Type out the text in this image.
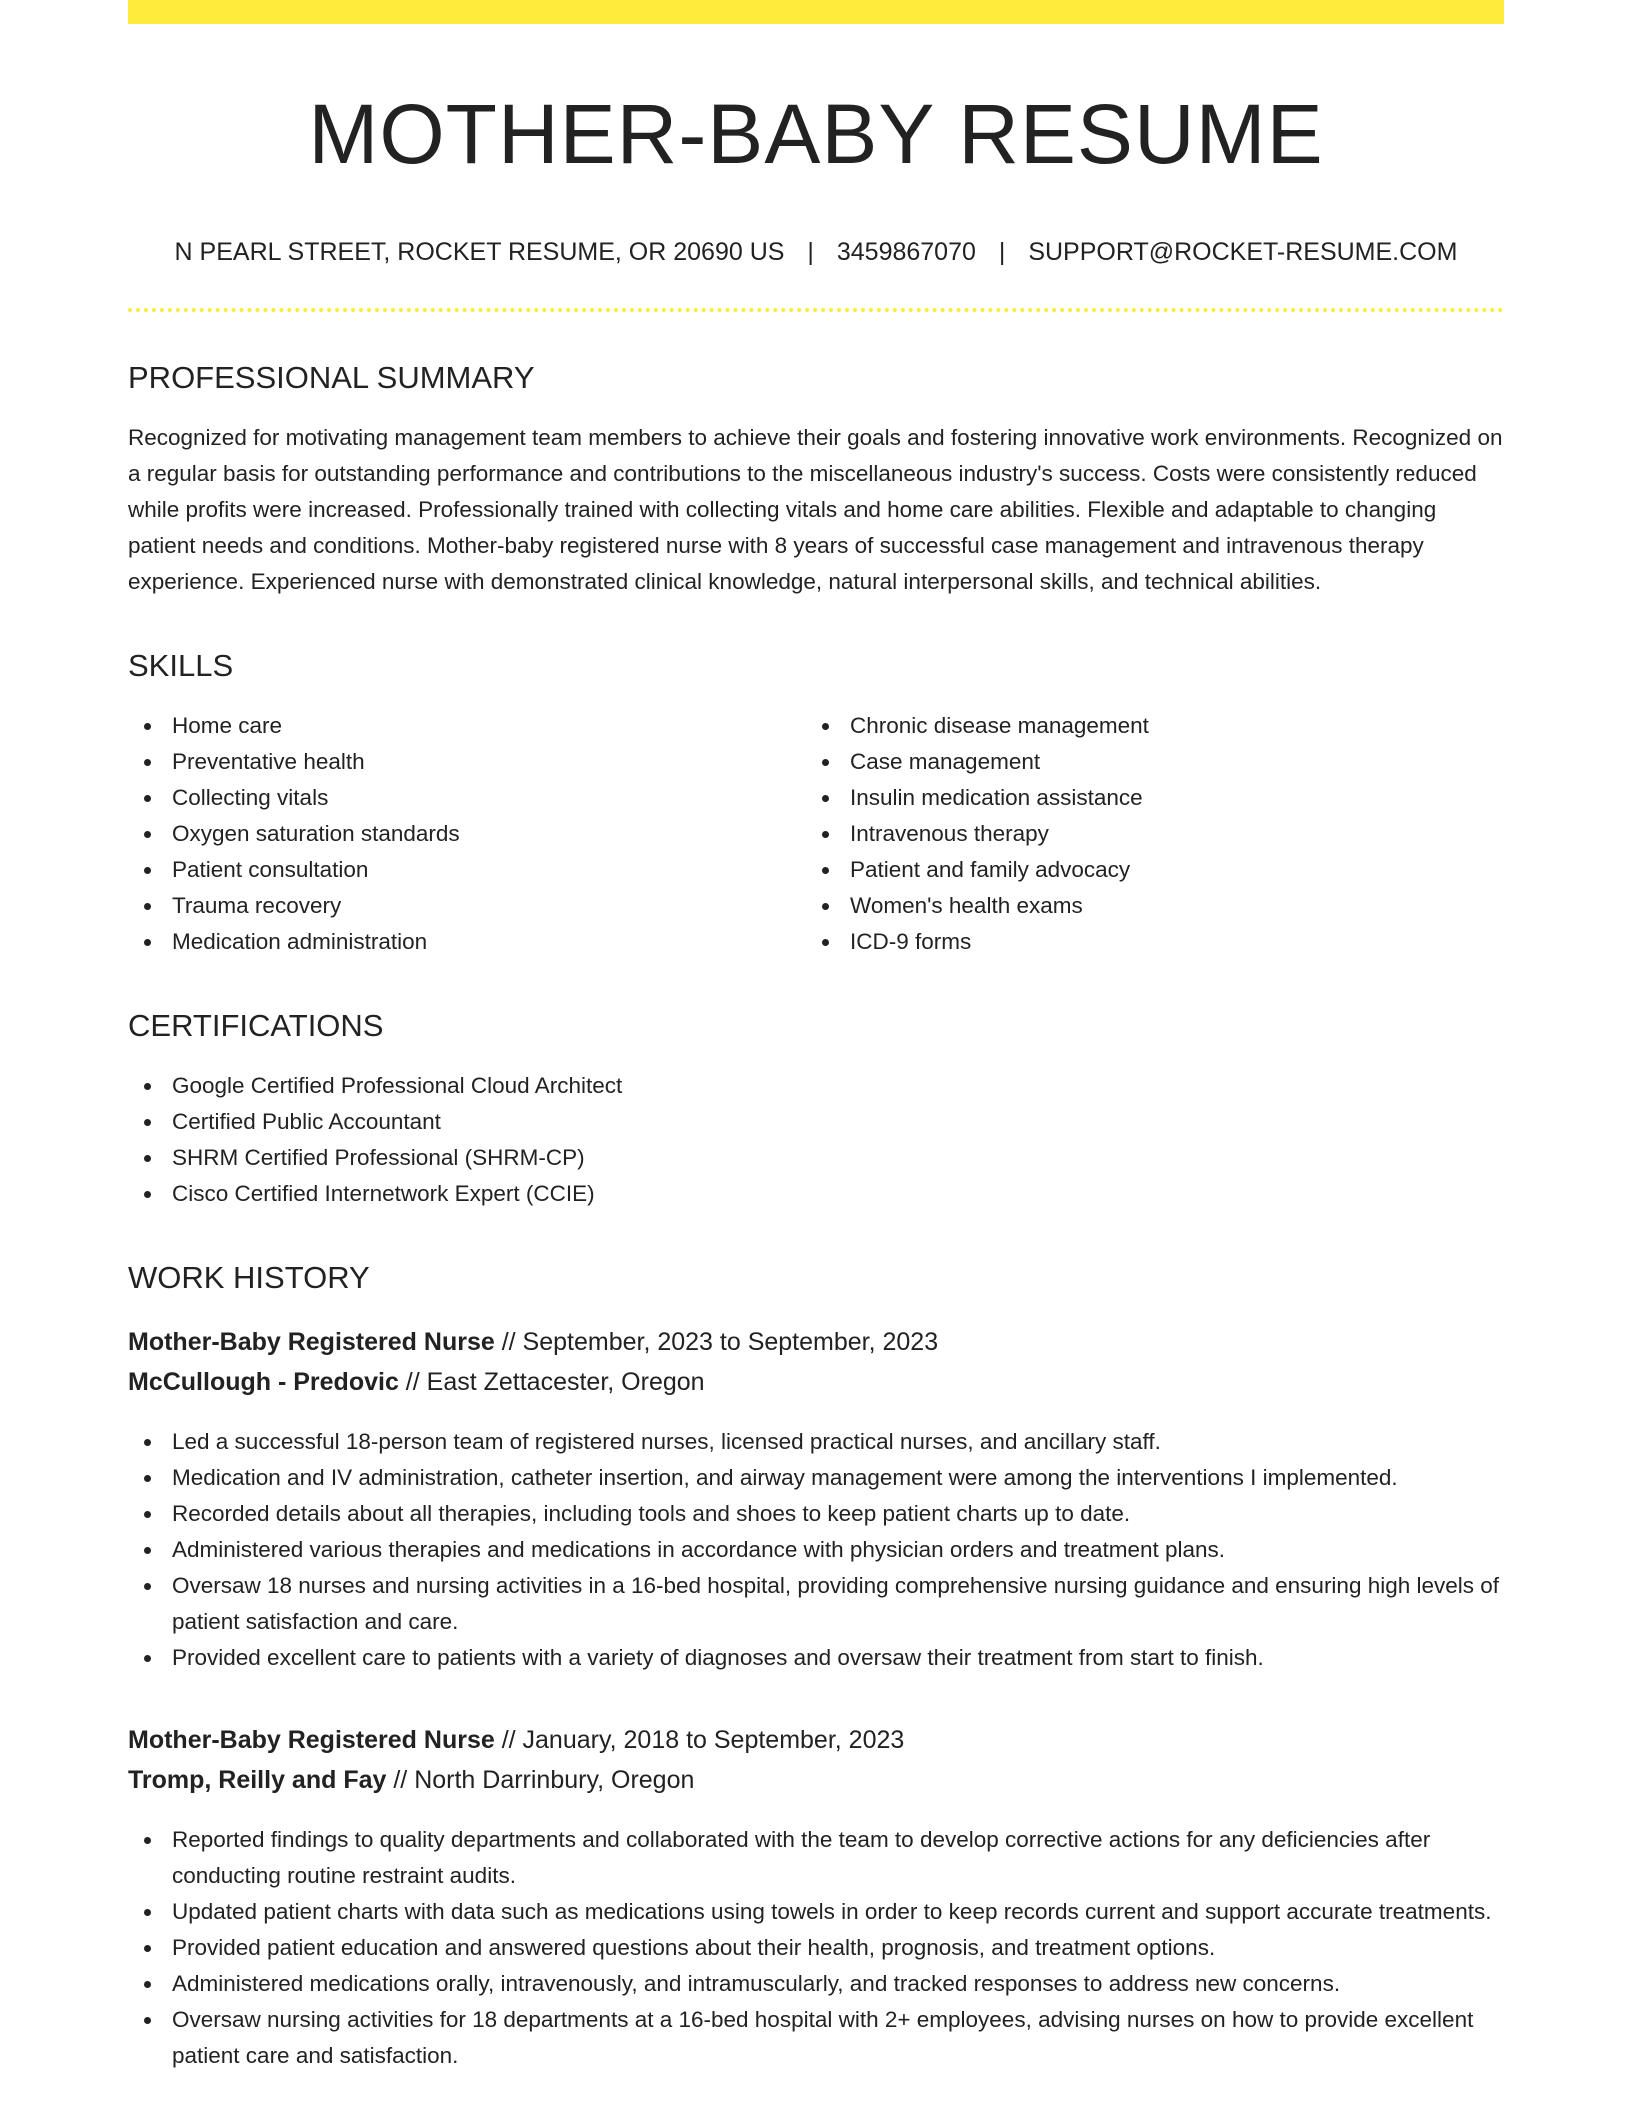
MOTHER-BABY RESUME
N PEARL STREET, ROCKET RESUME, OR 20690 US | 3459867070 | SUPPORT@ROCKET-RESUME.COM
PROFESSIONAL SUMMARY

Recognized for motivating management team members to achieve their goals and fostering innovative work environments. Recognized on a regular basis for outstanding performance and contributions to the miscellaneous industry's success. Costs were consistently reduced while profits were increased. Professionally trained with collecting vitals and home care abilities. Flexible and adaptable to changing patient needs and conditions. Mother-baby registered nurse with 8 years of successful case management and intravenous therapy experience. Experienced nurse with demonstrated clinical knowledge, natural interpersonal skills, and technical abilities.

SKILLS
Home care
Preventative health
Collecting vitals
Oxygen saturation standards
Patient consultation
Trauma recovery
Medication administration
Chronic disease management
Case management
Insulin medication assistance
Intravenous therapy
Patient and family advocacy
Women's health exams
ICD-9 forms
CERTIFICATIONS
Google Certified Professional Cloud Architect
Certified Public Accountant
SHRM Certified Professional (SHRM-CP)
Cisco Certified Internetwork Expert (CCIE)
WORK HISTORY
Mother-Baby Registered Nurse // September, 2023 to September, 2023
McCullough - Predovic // East Zettacester, Oregon
Led a successful 18-person team of registered nurses, licensed practical nurses, and ancillary staff.
Medication and IV administration, catheter insertion, and airway management were among the interventions I implemented.
Recorded details about all therapies, including tools and shoes to keep patient charts up to date.
Administered various therapies and medications in accordance with physician orders and treatment plans.
Oversaw 18 nurses and nursing activities in a 16-bed hospital, providing comprehensive nursing guidance and ensuring high levels of patient satisfaction and care.
Provided excellent care to patients with a variety of diagnoses and oversaw their treatment from start to finish.
Mother-Baby Registered Nurse // January, 2018 to September, 2023
Tromp, Reilly and Fay // North Darrinbury, Oregon
Reported findings to quality departments and collaborated with the team to develop corrective actions for any deficiencies after conducting routine restraint audits.
Updated patient charts with data such as medications using towels in order to keep records current and support accurate treatments.
Provided patient education and answered questions about their health, prognosis, and treatment options.
Administered medications orally, intravenously, and intramuscularly, and tracked responses to address new concerns.
Oversaw nursing activities for 18 departments at a 16-bed hospital with 2+ employees, advising nurses on how to provide excellent patient care and satisfaction.
